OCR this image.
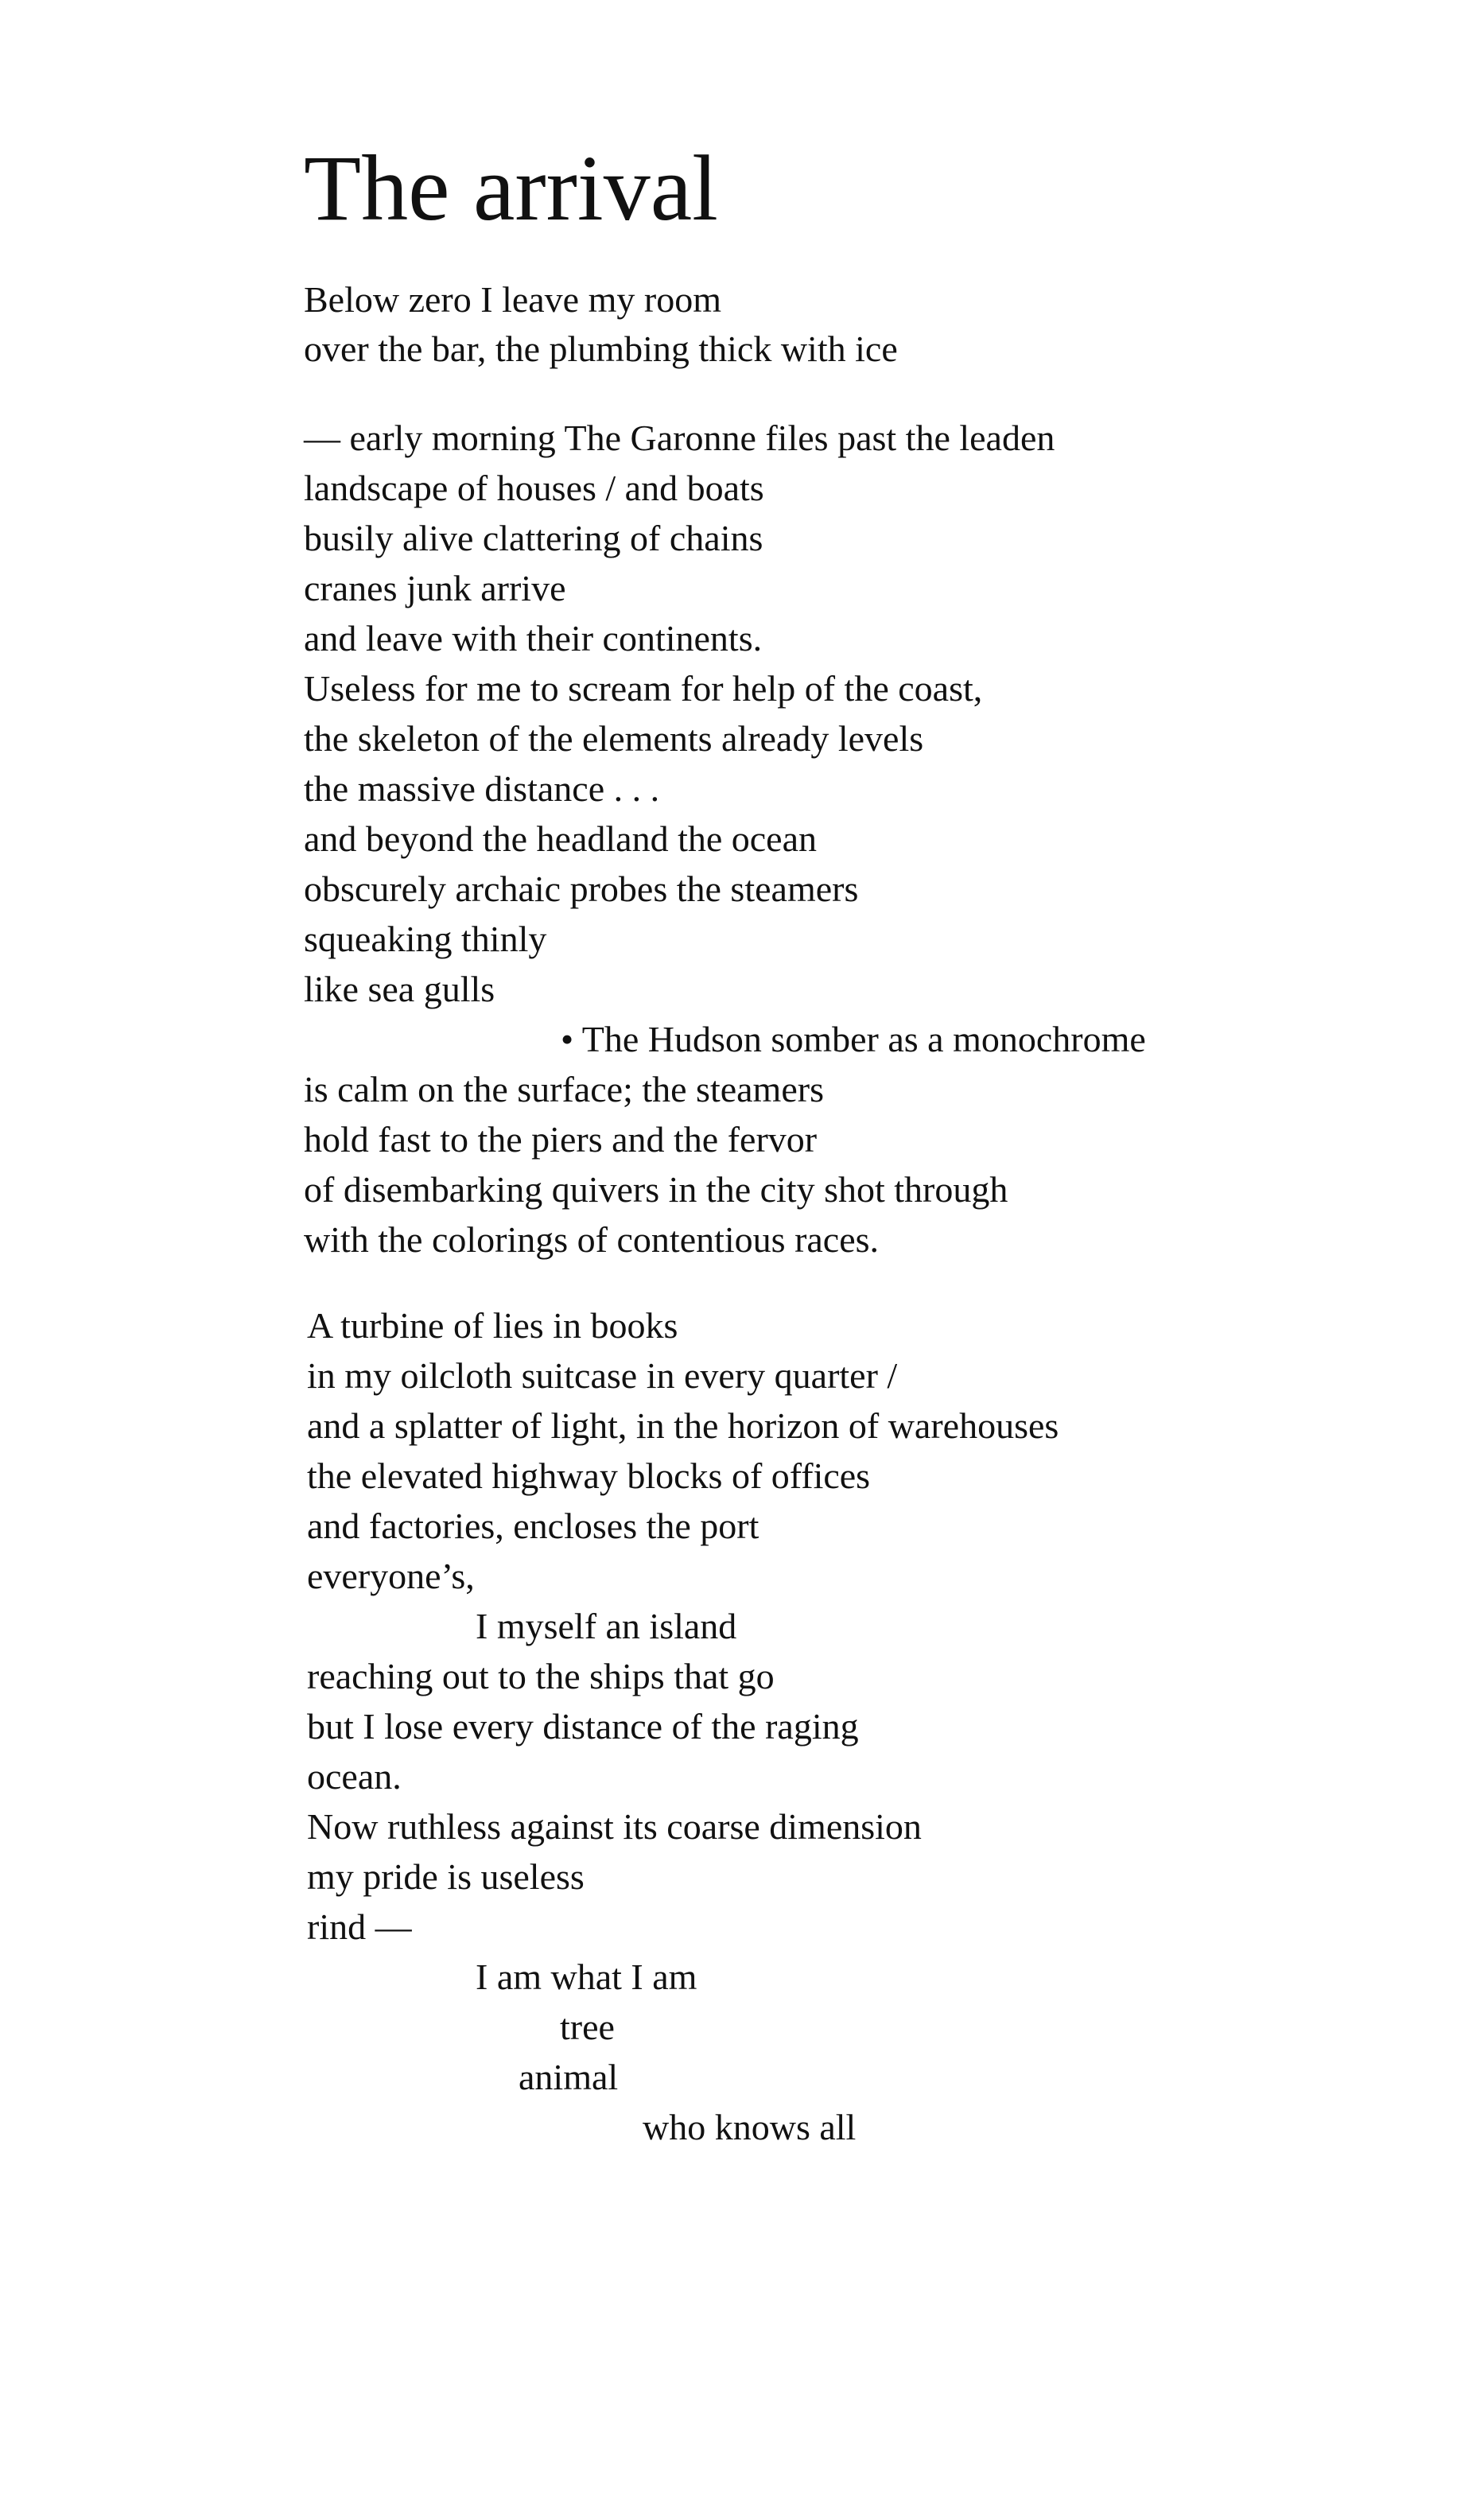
The arrival
Below zero I leave my room
over the bar, the plumbing thick with ice
— early morning The Garonne files past the leaden
landscape of houses / and boats
busily alive clattering of chains
cranes junk arrive
and leave with their continents.
Useless for me to scream for help of the coast,
the skeleton of the elements already levels
the massive distance . . .
and beyond the headland the ocean
obscurely archaic probes the steamers
squeaking thinly
like sea gulls
• The Hudson somber as a monochrome
is calm on the surface; the steamers
hold fast to the piers and the fervor
of disembarking quivers in the city shot through
with the colorings of contentious races.
A turbine of lies in books
in my oilcloth suitcase in every quarter /
and a splatter of light, in the horizon of warehouses
the elevated highway blocks of offices
and factories, encloses the port
everyone’s,
I myself an island
reaching out to the ships that go
but I lose every distance of the raging
ocean.
Now ruthless against its coarse dimension
my pride is useless
rind —
I am what I am
tree
animal
who knows all
